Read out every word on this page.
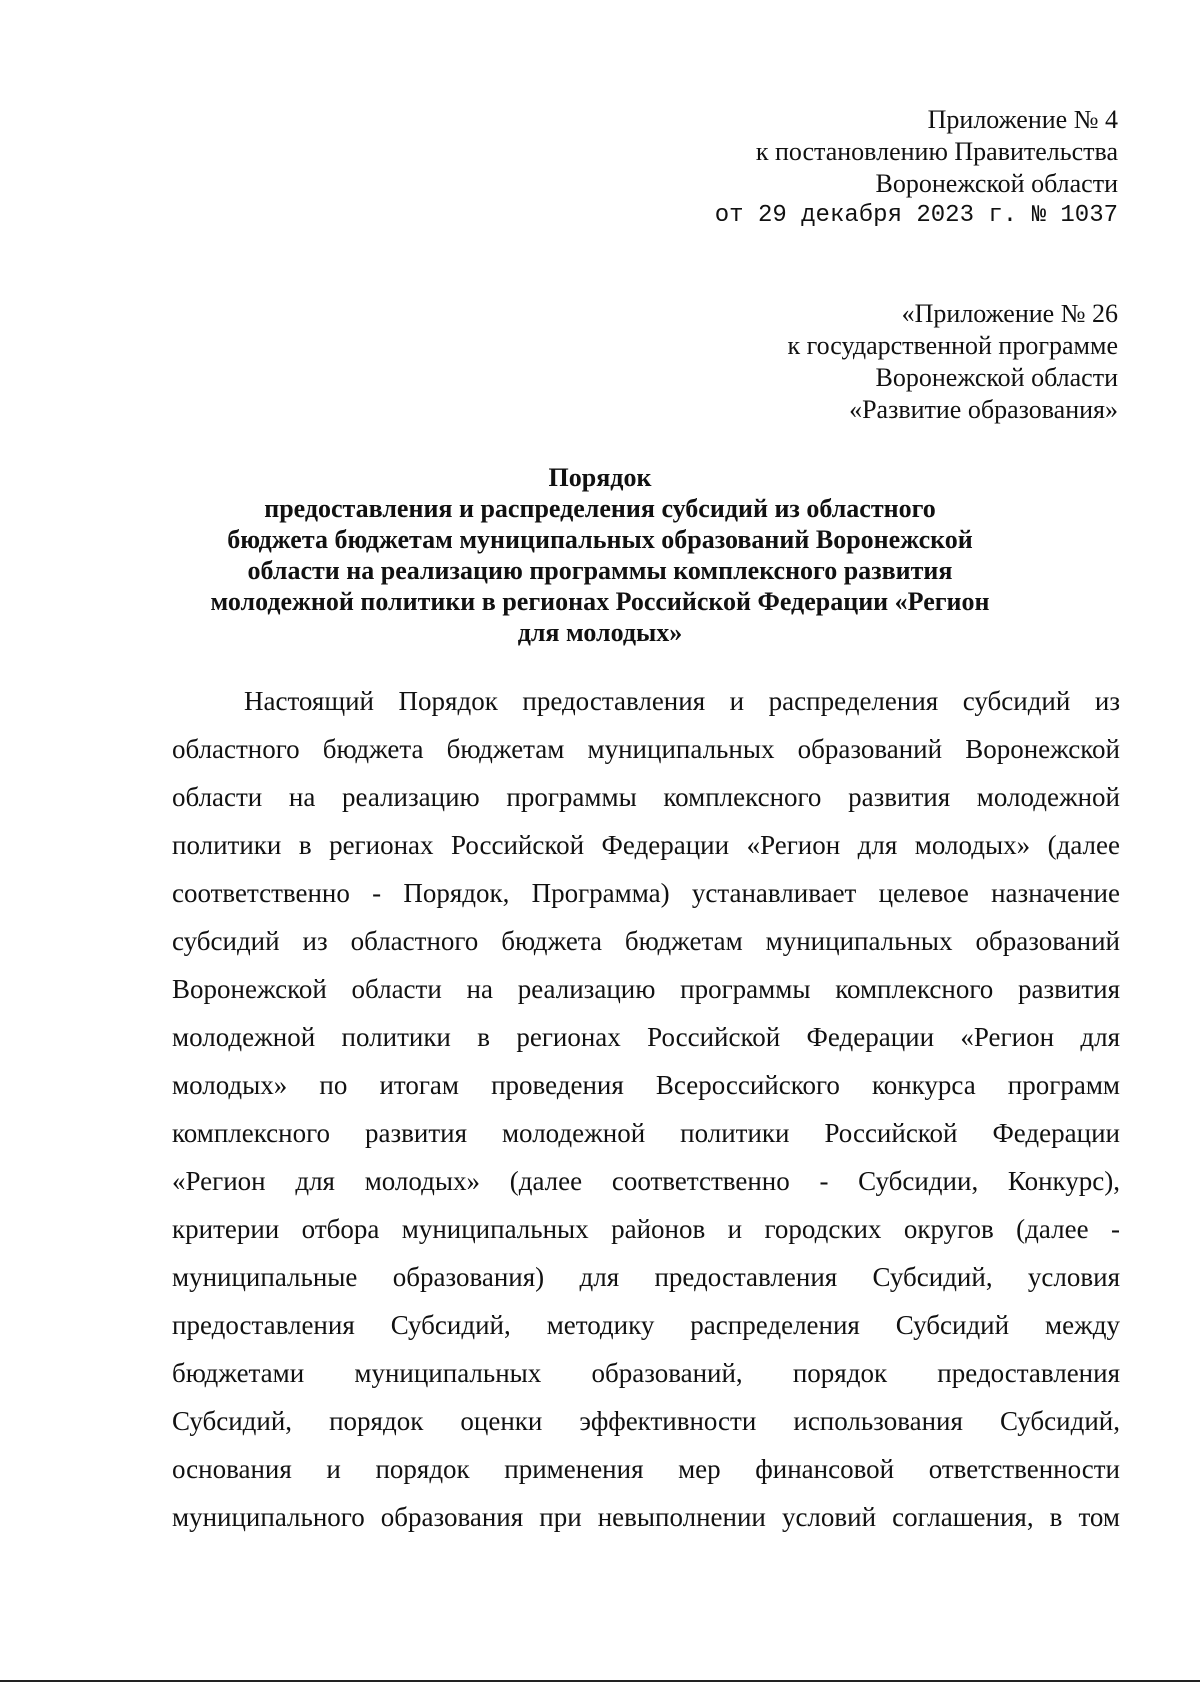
Приложение № 4
к постановлению Правительства
Воронежской области
от 29 декабря 2023 г. № 1037
«Приложение № 26
к государственной программе
Воронежской области
«Развитие образования»
Порядок
предоставления и распределения субсидий из областного
бюджета бюджетам муниципальных образований Воронежской
области на реализацию программы комплексного развития
молодежной политики в регионах Российской Федерации «Регион
для молодых»
Настоящий Порядок предоставления и распределения субсидий из
областного бюджета бюджетам муниципальных образований Воронежской
области на реализацию программы комплексного развития молодежной
политики в регионах Российской Федерации «Регион для молодых» (далее
соответственно - Порядок, Программа) устанавливает целевое назначение
субсидий из областного бюджета бюджетам муниципальных образований
Воронежской области на реализацию программы комплексного развития
молодежной политики в регионах Российской Федерации «Регион для
молодых» по итогам проведения Всероссийского конкурса программ
комплексного развития молодежной политики Российской Федерации
«Регион для молодых» (далее соответственно - Субсидии, Конкурс),
критерии отбора муниципальных районов и городских округов (далее -
муниципальные образования) для предоставления Субсидий, условия
предоставления Субсидий, методику распределения Субсидий между
бюджетами муниципальных образований, порядок предоставления
Субсидий, порядок оценки эффективности использования Субсидий,
основания и порядок применения мер финансовой ответственности
муниципального образования при невыполнении условий соглашения, в том
